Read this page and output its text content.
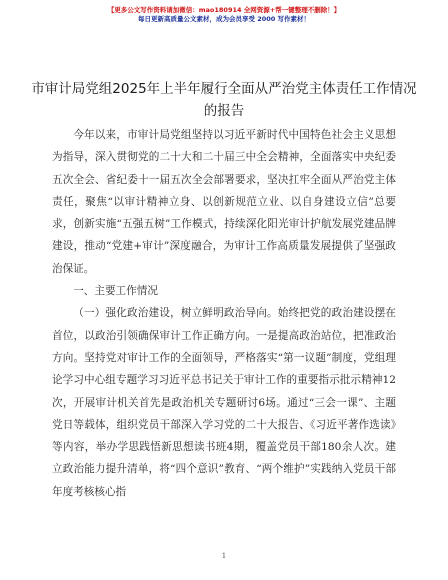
【更多公文写作资料请加微信：mao180914 全网资源+帮一键整理不删除！】
每日更新高质量公文素材，成为会员享受 2000 写作素材！
市审计局党组2025年上半年履行全面从严治党主体责任工作情况的报告

今年以来，市审计局党组坚持以习近平新时代中国特色社会主义思想为指导，深入贯彻党的二十大和二十届三中全会精神，全面落实中央纪委五次全会、省纪委十一届五次全会部署要求，坚决扛牢全面从严治党主体责任，聚焦“以审计精神立身、以创新规范立业、以自身建设立信”总要求，创新实施“五强五树”工作模式，持续深化阳光审计护航发展党建品牌建设，推动“党建+审计”深度融合，为审计工作高质量发展提供了坚强政治保证。

一、主要工作情况

（一）强化政治建设，树立鲜明政治导向。始终把党的政治建设摆在首位，以政治引领确保审计工作正确方向。一是提高政治站位，把准政治方向。坚持党对审计工作的全面领导，严格落实“第一议题”制度，党组理论学习中心组专题学习习近平总书记关于审计工作的重要指示批示精神12次，开展审计机关首先是政治机关专题研讨6场。通过“三会一课”、主题党日等载体，组织党员干部深入学习党的二十大报告、《习近平著作选读》等内容，举办学思践悟新思想读书班4期，覆盖党员干部180余人次。建立政治能力提升清单，将“四个意识”教育、“两个维护”实践纳入党员干部年度考核核心指

1
